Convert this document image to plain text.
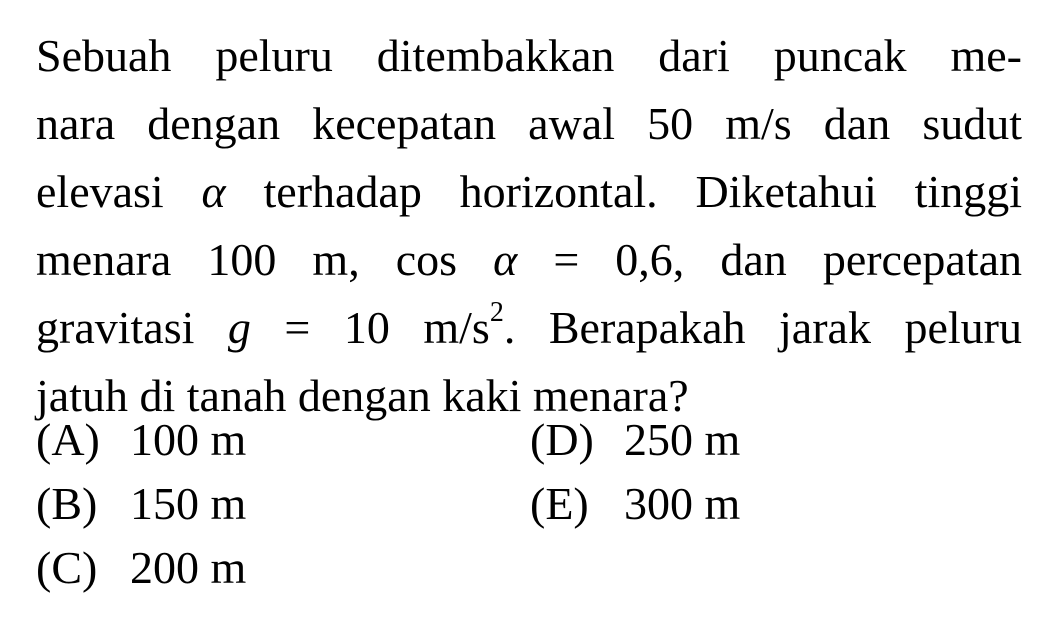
Sebuah peluru ditembakkan dari puncak me-
nara dengan kecepatan awal 50 m/s dan sudut
elevasi α terhadap horizontal. Diketahui tinggi
menara 100 m, cos α = 0,6, dan percepatan
gravitasi g = 10 $m/s^2$. Berapakah jarak peluru
jatuh di tanah dengan kaki menara?
(A) 100 m
(B) 150 m
(C) 200 m
(D) 250 m
(E) 300 m
